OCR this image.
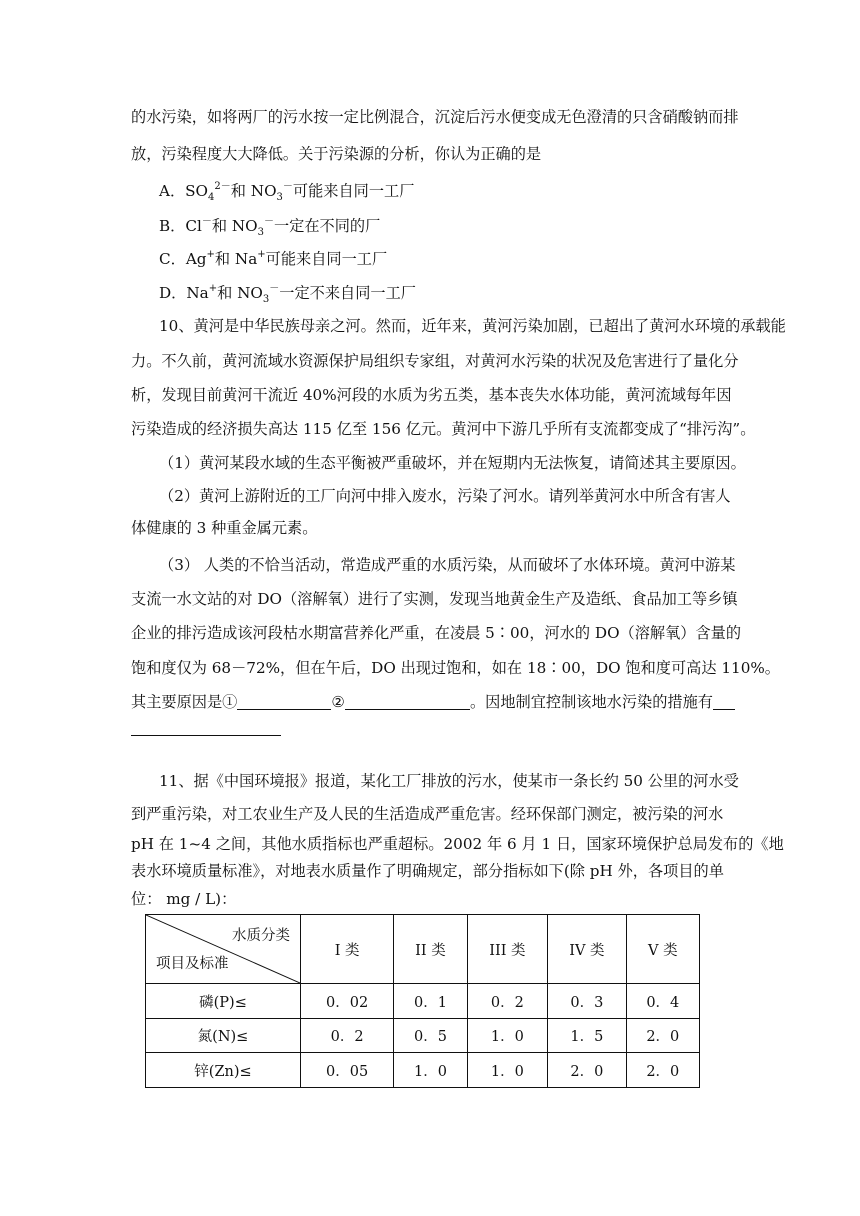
的水污染，如将两厂的污水按一定比例混合，沉淀后污水便变成无色澄清的只含硝酸钠而排
放，污染程度大大降低。关于污染源的分析，你认为正确的是
A．$SO_4^{2-}$和 $NO_3^-$可能来自同一工厂
B．Cl－和 $NO_3^-$一定在不同的厂
C．Ag+和 Na+可能来自同一工厂
D．Na+和 $NO_3^-$一定不来自同一工厂
10、黄河是中华民族母亲之河。然而，近年来，黄河污染加剧，已超出了黄河水环境的承载能
力。不久前，黄河流域水资源保护局组织专家组，对黄河水污染的状况及危害进行了量化分
析，发现目前黄河干流近 40%河段的水质为劣五类，基本丧失水体功能，黄河流域每年因
污染造成的经济损失高达 115 亿至 156 亿元。黄河中下游几乎所有支流都变成了“排污沟”。
（1）黄河某段水域的生态平衡被严重破坏，并在短期内无法恢复，请简述其主要原因。
（2）黄河上游附近的工厂向河中排入废水，污染了河水。请列举黄河水中所含有害人
体健康的 3 种重金属元素。
（3） 人类的不恰当活动，常造成严重的水质污染，从而破坏了水体环境。黄河中游某
支流一水文站的对 DO（溶解氧）进行了实测，发现当地黄金生产及造纸、食品加工等乡镇
企业的排污造成该河段枯水期富营养化严重，在凌晨 5∶00，河水的 DO（溶解氧）含量的
饱和度仅为 68－72%，但在午后，DO 出现过饱和，如在 18∶00，DO 饱和度可高达 110%。
其主要原因是①	②	。因地制宜控制该地水污染的措施有
11、据《中国环境报》报道，某化工厂排放的污水，使某市一条长约 50 公里的河水受
到严重污染，对工农业生产及人民的生活造成严重危害。经环保部门测定，被污染的河水
pH 在 1~4 之间，其他水质指标也严重超标。2002 年 6 月 1 日，国家环境保护总局发布的《地
水质分类
项目及标准	I 类	II 类	III 类	IV 类	V 类
磷(P)≤	0．02	0．1	0．2	0．3	0．4
氮(N)≤	0．2	0．5	1．0	1．5	2．0
锌(Zn)≤	0．05	1．0	1．0	2．0	2．0
位： mg / L)：
表水环境质量标准》，对地表水质量作了明确规定，部分指标如下(除 pH 外，各项目的单
